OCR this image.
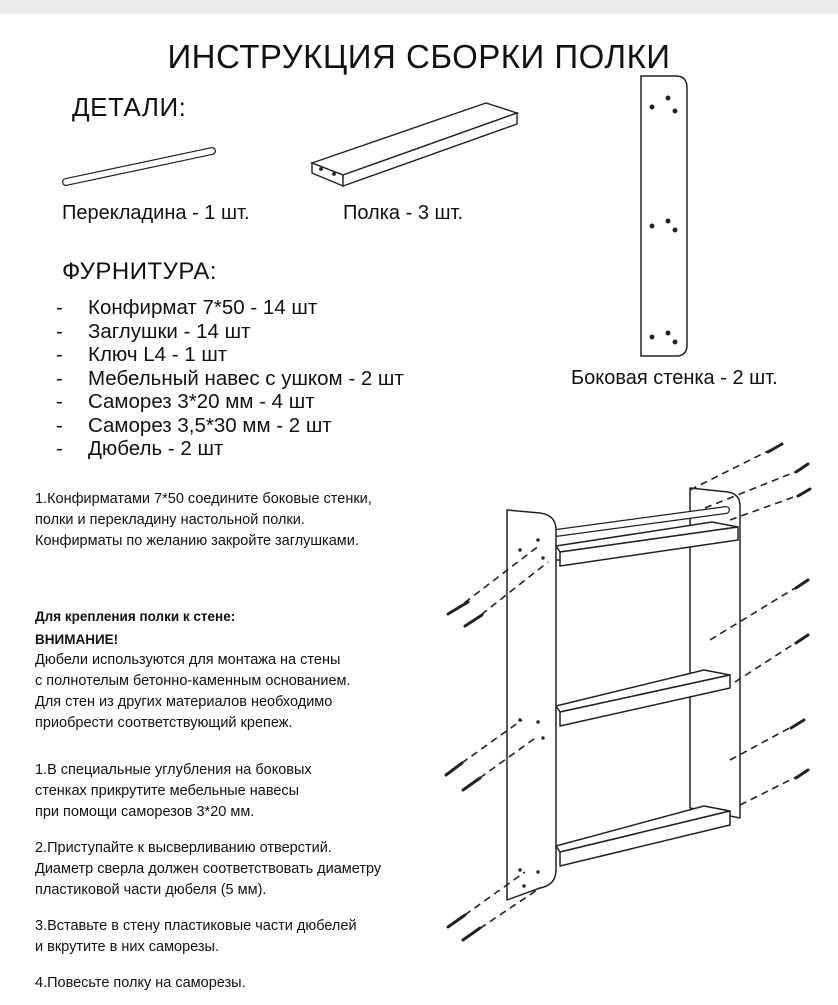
ИНСТРУКЦИЯ СБОРКИ ПОЛКИ
ДЕТАЛИ:
Перекладина - 1 шт.	Полка - 3 шт.
Боковая стенка - 2 шт.
ФУРНИТУРА:
- Конфирмат 7*50 - 14 шт
- Заглушки - 14 шт
- Ключ L4 - 1 шт
- Мебельный навес с ушком - 2 шт
- Саморез 3*20 мм - 4 шт
- Саморез 3,5*30 мм - 2 шт
- Дюбель - 2 шт
1.Конфирматами 7*50 соедините боковые стенки,
полки и перекладину настольной полки.
Конфирматы по желанию закройте заглушками.
Для крепления полки к стене:
ВНИМАНИЕ!
Дюбели используются для монтажа на стены
с полнотелым бетонно-каменным основанием.
Для стен из других материалов необходимо
приобрести соответствующий крепеж.
1.В специальные углубления на боковых
стенках прикрутите мебельные навесы
при помощи саморезов 3*20 мм.
2.Приступайте к высверливанию отверстий.
Диаметр сверла должен соответствовать диаметру
пластиковой части дюбеля (5 мм).
3.Вставьте в стену пластиковые части дюбелей
и вкрутите в них саморезы.
4.Повесьте полку на саморезы.
